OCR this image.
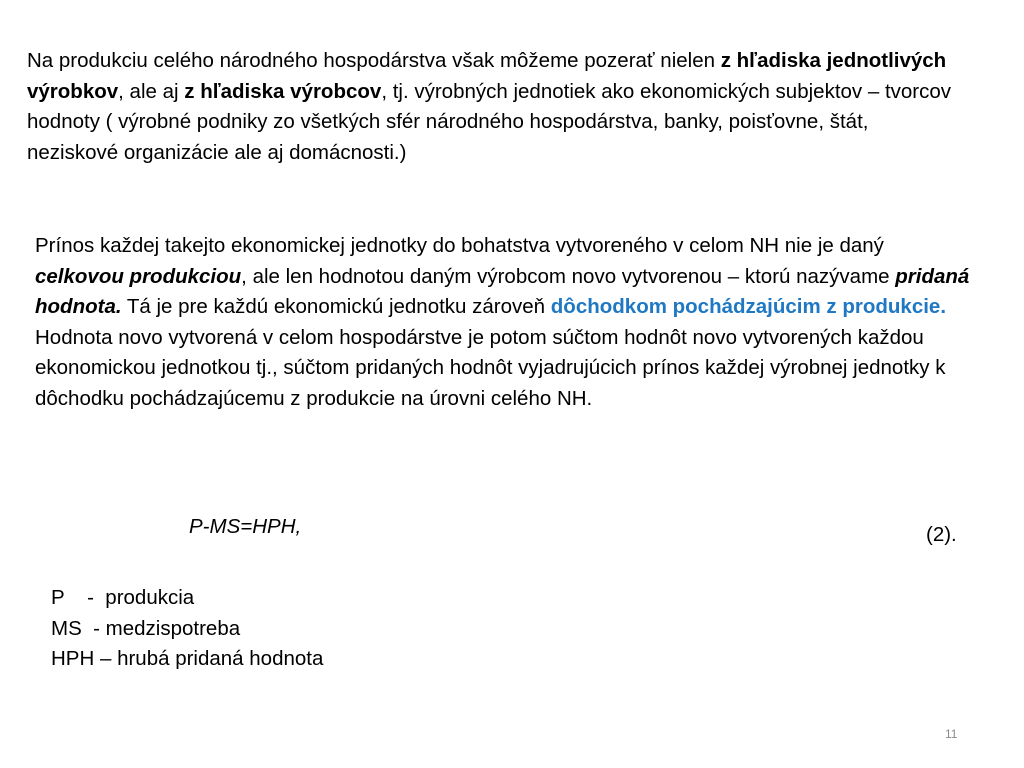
Na produkciu celého národného hospodárstva však môžeme pozerať nielen z hľadiska jednotlivých výrobkov, ale aj z hľadiska výrobcov, tj. výrobných jednotiek ako ekonomických subjektov – tvorcov hodnoty ( výrobné podniky zo všetkých sfér národného hospodárstva, banky, poisťovne, štát, neziskové organizácie ale aj domácnosti.)
Prínos každej takejto ekonomickej jednotky do bohatstva vytvoreného v celom NH nie je daný celkovou produkciou, ale len hodnotou daným výrobcom novo vytvorenou – ktorú nazývame pridaná hodnota. Tá je pre každú ekonomickú jednotku zároveň dôchodkom pochádzajúcim z produkcie.
Hodnota novo vytvorená v celom hospodárstve je potom súčtom hodnôt novo vytvorených každou ekonomickou jednotkou tj., súčtom pridaných hodnôt vyjadrujúcich prínos každej výrobnej jednotky k dôchodku pochádzajúcemu z produkcie na úrovni celého NH.
P-MS=HPH,	(2).
P    -  produkcia
MS  - medzispotreba
HPH – hrubá pridaná hodnota
11
